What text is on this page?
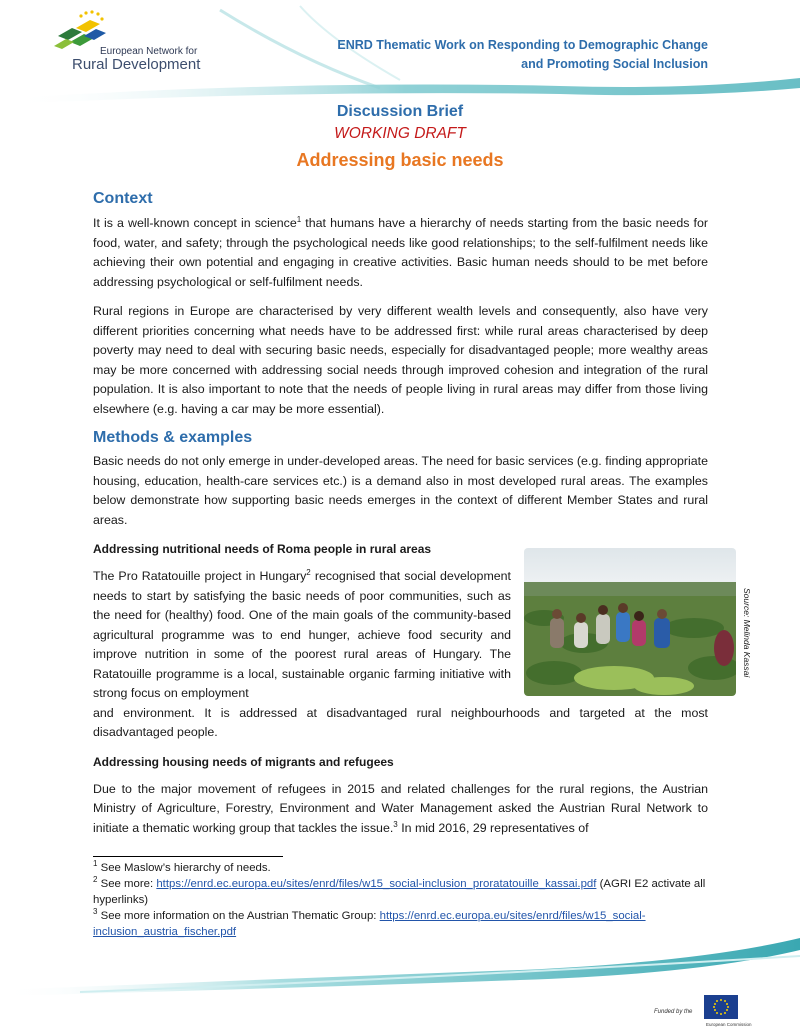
European Network for
Rural Development
ENRD Thematic Work on Responding to Demographic Change
and Promoting Social Inclusion
Discussion Brief
WORKING DRAFT
Addressing basic needs
Context

It is a well-known concept in science$^1$ that humans have a hierarchy of needs starting from the basic needs for food, water, and safety; through the psychological needs like good relationships; to the self-fulfilment needs like achieving their own potential and engaging in creative activities. Basic human needs should to be met before addressing psychological or self-fulfilment needs.

Rural regions in Europe are characterised by very different wealth levels and consequently, also have very different priorities concerning what needs have to be addressed first: while rural areas characterised by deep poverty may need to deal with securing basic needs, especially for disadvantaged people; more wealthy areas may be more concerned with addressing social needs through improved cohesion and integration of the rural population. It is also important to note that the needs of people living in rural areas may differ from those living elsewhere (e.g. having a car may be more essential).

Methods & examples

Basic needs do not only emerge in under-developed areas. The need for basic services (e.g. finding appropriate housing, education, health-care services etc.) is a demand also in most developed rural areas. The examples below demonstrate how supporting basic needs emerges in the context of different Member States and rural areas.

Addressing nutritional needs of Roma people in rural areas

The Pro Ratatouille project in Hungary$^2$ recognised that social development needs to start by satisfying the basic needs of poor communities, such as the need for (healthy) food. One of the main goals of the community-based agricultural programme was to end hunger, achieve food security and improve nutrition in some of the poorest rural areas of Hungary. The Ratatouille programme is a local, sustainable organic farming initiative with strong focus on employment

and environment. It is addressed at disadvantaged rural neighbourhoods and targeted at the most disadvantaged people.

Addressing housing needs of migrants and refugees

Due to the major movement of refugees in 2015 and related challenges for the rural regions, the Austrian Ministry of Agriculture, Forestry, Environment and Water Management asked the Austrian Rural Network to initiate a thematic working group that tackles the issue.$^3$ In mid 2016, 29 representatives of

Source: Melinda Kassai
$^1$ See Maslow’s hierarchy of needs.
$^2$ See more: https://enrd.ec.europa.eu/sites/enrd/files/w15_social-inclusion_proratatouille_kassai.pdf (AGRI E2 activate all hyperlinks)
$^3$ See more information on the Austrian Thematic Group: https://enrd.ec.europa.eu/sites/enrd/files/w15_social-inclusion_austria_fischer.pdf
Funded by the
European Commission
